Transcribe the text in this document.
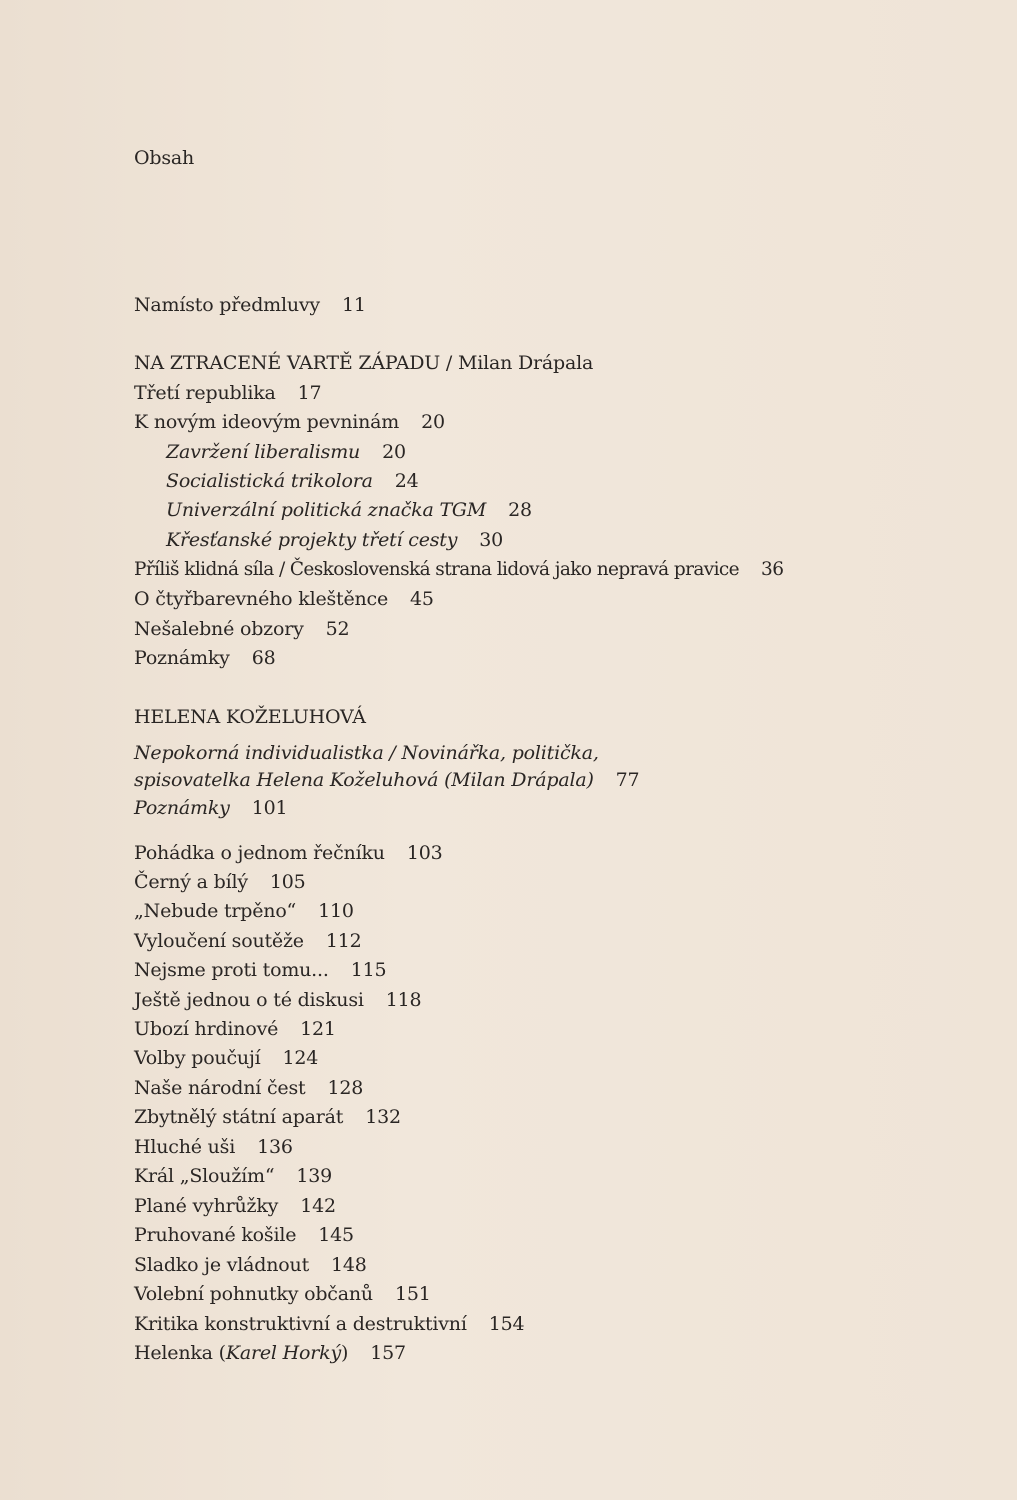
Obsah
Namísto předmluvy 11
NA ZTRACENÉ VARTĚ ZÁPADU / Milan Drápala
Třetí republika 17
K novým ideovým pevninám 20
Zavržení liberalismu 20
Socialistická trikolora 24
Univerzální politická značka TGM 28
Křesťanské projekty třetí cesty 30
Příliš klidná síla / Československá strana lidová jako nepravá pravice 36
O čtyřbarevného kleštěnce 45
Nešalebné obzory 52
Poznámky 68
HELENA KOŽELUHOVÁ
Nepokorná individualistka / Novinářka, politička,
spisovatelka Helena Koželuhová (Milan Drápala) 77
Poznámky 101
Pohádka o jednom řečníku 103
Černý a bílý 105
„Nebude trpěno“ 110
Vyloučení soutěže 112
Nejsme proti tomu... 115
Ještě jednou o té diskusi 118
Ubozí hrdinové 121
Volby poučují 124
Naše národní čest 128
Zbytnělý státní aparát 132
Hluché uši 136
Král „Sloužím“ 139
Plané vyhrůžky 142
Pruhované košile 145
Sladko je vládnout 148
Volební pohnutky občanů 151
Kritika konstruktivní a destruktivní 154
Helenka (Karel Horký) 157
